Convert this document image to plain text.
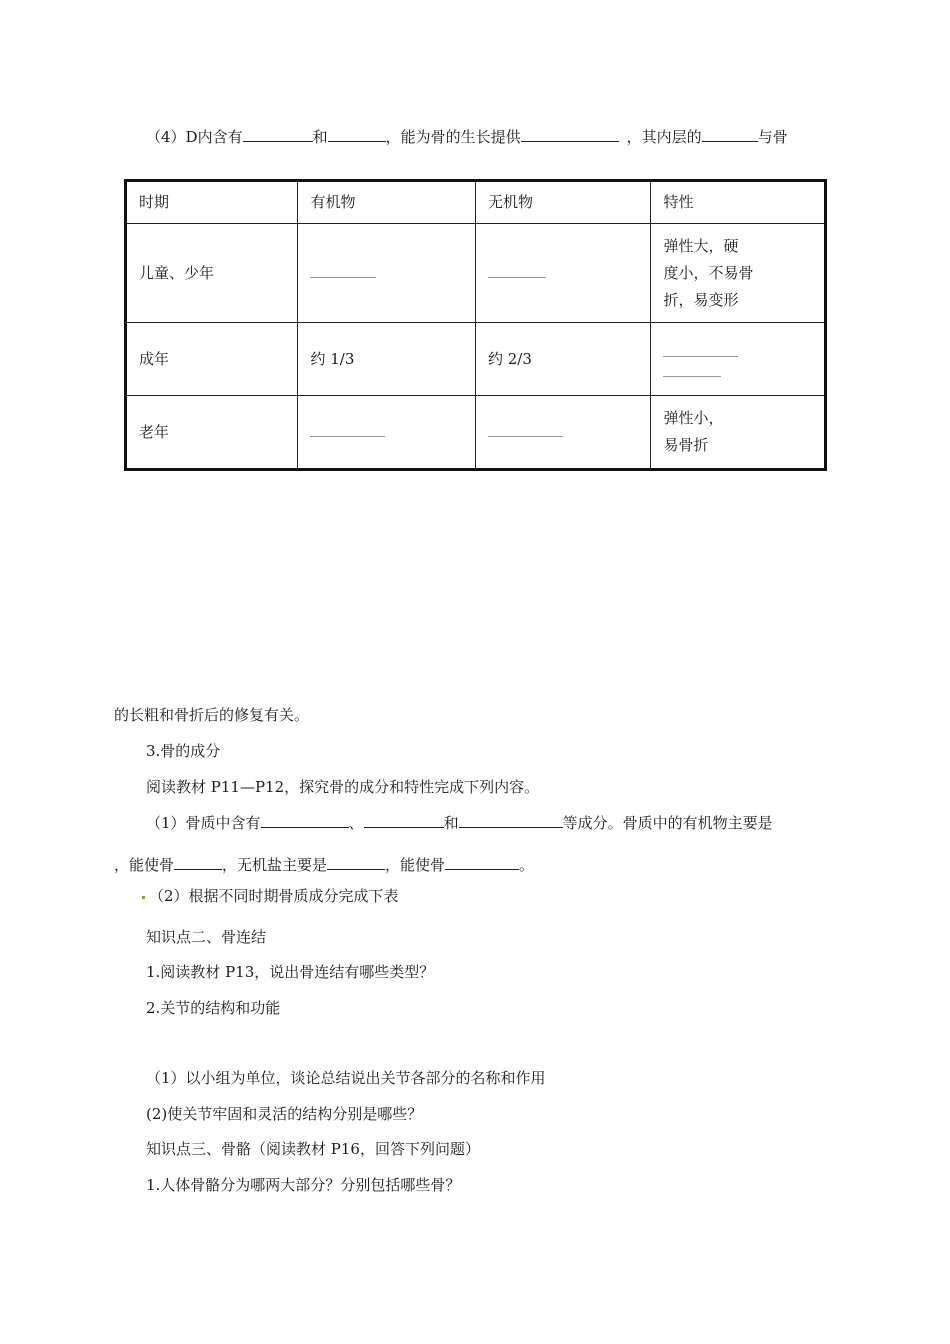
（4）D内含有	和	，能为骨的生长提供	，其内层的	与骨
时期	有机物	无机物	特性
儿童、少年			弹性大，硬
度小，不易骨
折，易变形

成年	约 1/3	约 2/3	

老年			弹性小，
易骨折
的长粗和骨折后的修复有关。
3.骨的成分
阅读教材 P11—P12，探究骨的成分和特性完成下列内容。
（1）骨质中含有	、	和	等成分。骨质中的有机物主要是
，能使骨	，无机盐主要是	，能使骨	。
（2）根据不同时期骨质成分完成下表
知识点二、骨连结
1.阅读教材 P13，说出骨连结有哪些类型？
2.关节的结构和功能
（1）以小组为单位，谈论总结说出关节各部分的名称和作用
(2)使关节牢固和灵活的结构分别是哪些？
知识点三、骨骼（阅读教材 P16，回答下列问题）
1.人体骨骼分为哪两大部分？分别包括哪些骨？
